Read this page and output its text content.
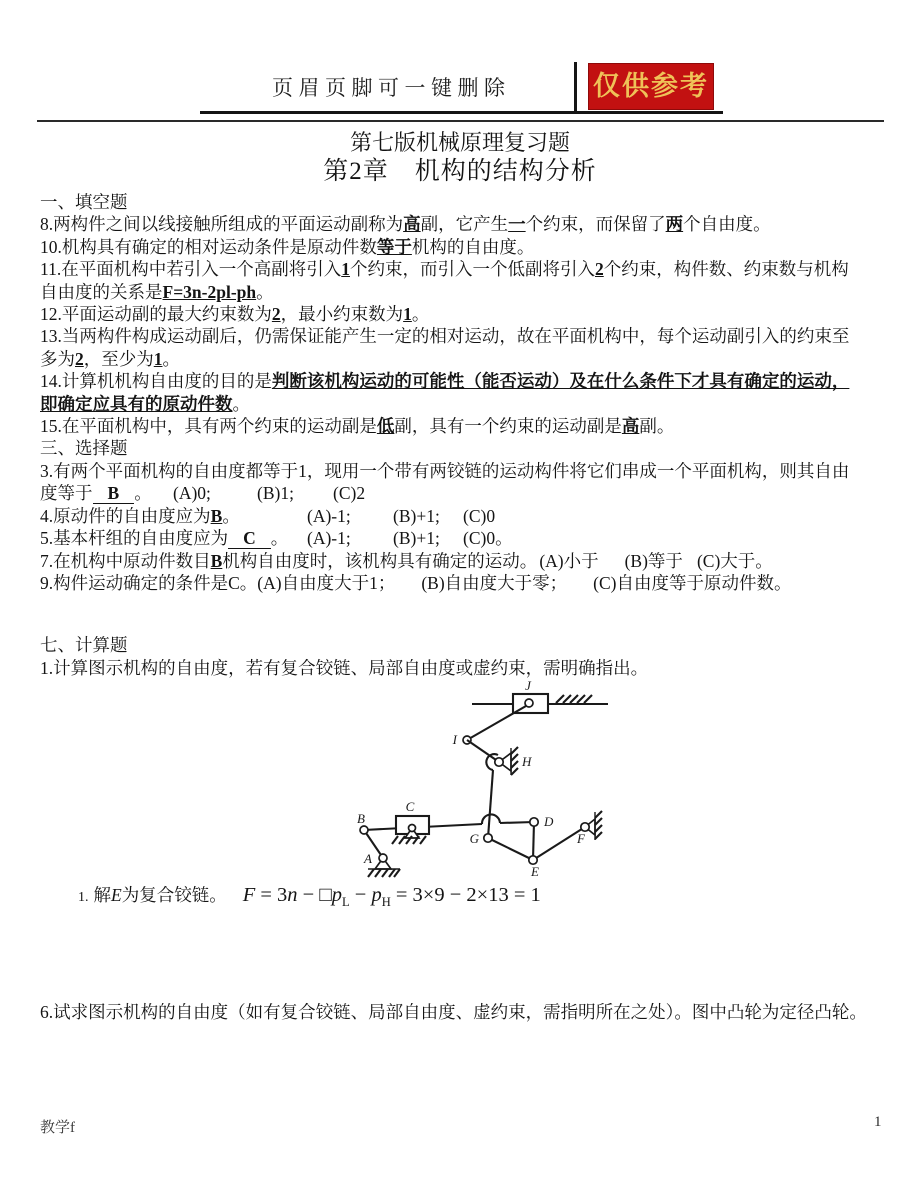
页眉页脚可一键删除	仅供参考
第七版机械原理复习题
第2章　机构的结构分析

一、填空题

8.两构件之间以线接触所组成的平面运动副称为高副，它产生一个约束，而保留了两个自由度。

10.机构具有确定的相对运动条件是原动件数等于机构的自由度。

11.在平面机构中若引入一个高副将引入1个约束，而引入一个低副将引入2个约束，构件数、约束数与机构

自由度的关系是F=3n-2pl-ph。

12.平面运动副的最大约束数为2，最小约束数为1。

13.当两构件构成运动副后，仍需保证能产生一定的相对运动，故在平面机构中，每个运动副引入的约束至

多为2，至少为1。

14.计算机机构自由度的目的是判断该机构运动的可能性（能否运动）及在什么条件下才具有确定的运动，

即确定应具有的原动件数。

15.在平面机构中，具有两个约束的运动副是低副，具有一个约束的运动副是高副。

三、选择题

3.有两个平面机构的自由度都等于1，现用一个带有两铰链的运动构件将它们串成一个平面机构，则其自由

度等于 B 。 (A)0;	(B)1; (C)2

4.原动件的自由度应为B。	(A)-1; (B)+1; (C)0

5.基本杆组的自由度应为 C 。 (A)-1; (B)+1; (C)0。

7.在机构中原动件数目B机构自由度时，该机构具有确定的运动。 (A)小于 (B)等于 (C)大于。

9.构件运动确定的条件是C。(A)自由度大于1； (B)自由度大于零； (C)自由度等于原动件数。

七、计算题

1.计算图示机构的自由度，若有复合铰链、局部自由度或虚约束，需明确指出。

J
I
H
B
C
A
G
D
E
F
1. 解E为复合铰链。 $F = 3n - □p_L - p_H = 3\times 9 - 2\times 13 = 1$

6.试求图示机构的自由度（如有复合铰链、局部自由度、虚约束，需指明所在之处）。图中凸轮为定径凸轮。

教学f	1
